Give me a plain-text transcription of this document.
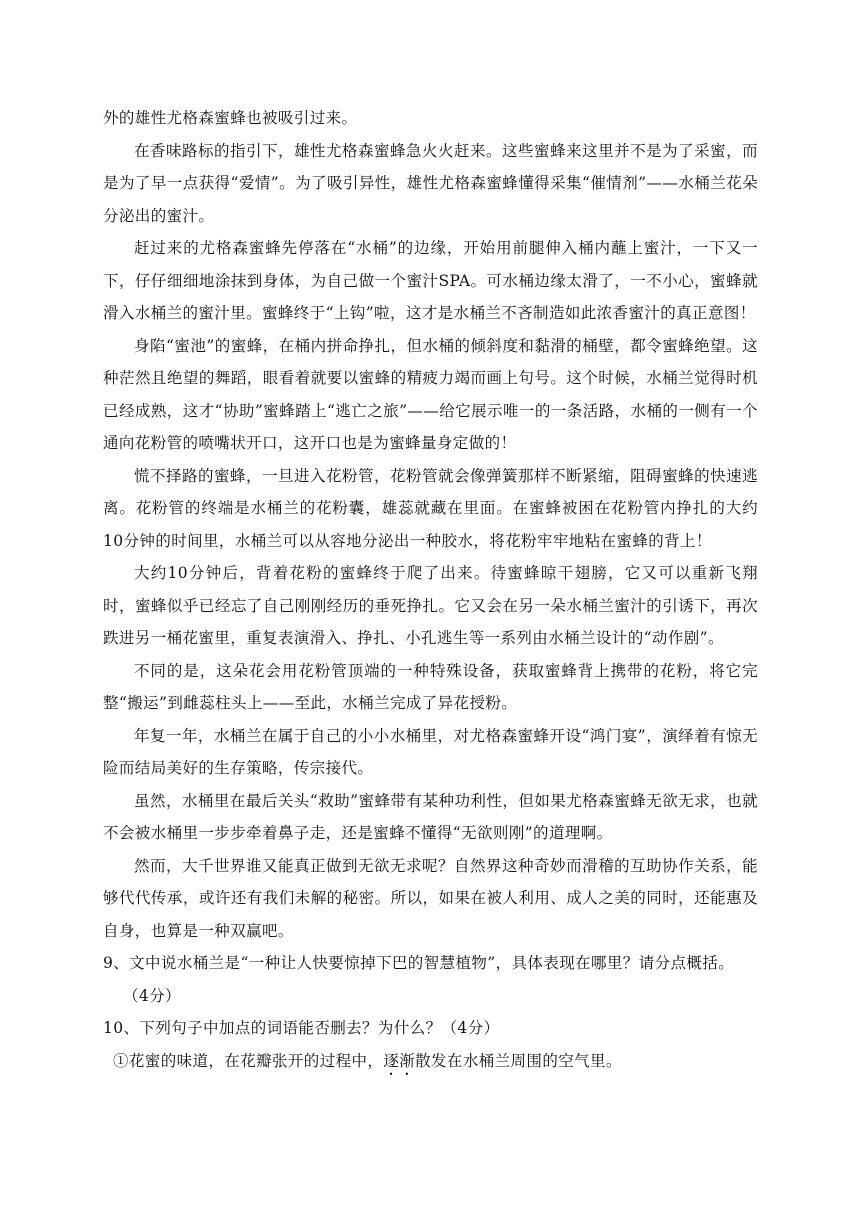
外的雄性尤格森蜜蜂也被吸引过来。

在香味路标的指引下，雄性尤格森蜜蜂急火火赶来。这些蜜蜂来这里并不是为了采蜜，而是为了早一点获得“爱情”。为了吸引异性，雄性尤格森蜜蜂懂得采集“催情剂”——水桶兰花朵分泌出的蜜汁。

赶过来的尤格森蜜蜂先停落在“水桶”的边缘，开始用前腿伸入桶内蘸上蜜汁，一下又一下，仔仔细细地涂抹到身体，为自己做一个蜜汁SPA。可水桶边缘太滑了，一不小心，蜜蜂就滑入水桶兰的蜜汁里。蜜蜂终于“上钩”啦，这才是水桶兰不吝制造如此浓香蜜汁的真正意图！

身陷“蜜池”的蜜蜂，在桶内拼命挣扎，但水桶的倾斜度和黏滑的桶壁，都令蜜蜂绝望。这种茫然且绝望的舞蹈，眼看着就要以蜜蜂的精疲力竭而画上句号。这个时候，水桶兰觉得时机已经成熟，这才“协助”蜜蜂踏上“逃亡之旅”——给它展示唯一的一条活路，水桶的一侧有一个通向花粉管的喷嘴状开口，这开口也是为蜜蜂量身定做的！

慌不择路的蜜蜂，一旦进入花粉管，花粉管就会像弹簧那样不断紧缩，阻碍蜜蜂的快速逃离。花粉管的终端是水桶兰的花粉囊，雄蕊就藏在里面。在蜜蜂被困在花粉管内挣扎的大约10分钟的时间里，水桶兰可以从容地分泌出一种胶水，将花粉牢牢地粘在蜜蜂的背上！

大约10分钟后，背着花粉的蜜蜂终于爬了出来。待蜜蜂晾干翅膀，它又可以重新飞翔时，蜜蜂似乎已经忘了自己刚刚经历的垂死挣扎。它又会在另一朵水桶兰蜜汁的引诱下，再次跌进另一桶花蜜里，重复表演滑入、挣扎、小孔逃生等一系列由水桶兰设计的“动作剧”。

不同的是，这朵花会用花粉管顶端的一种特殊设备，获取蜜蜂背上携带的花粉，将它完整“搬运”到雌蕊柱头上——至此，水桶兰完成了异花授粉。

年复一年，水桶兰在属于自己的小小水桶里，对尤格森蜜蜂开设“鸿门宴”，演绎着有惊无险而结局美好的生存策略，传宗接代。

虽然，水桶里在最后关头“救助”蜜蜂带有某种功利性，但如果尤格森蜜蜂无欲无求，也就不会被水桶里一步步牵着鼻子走，还是蜜蜂不懂得“无欲则刚”的道理啊。

然而，大千世界谁又能真正做到无欲无求呢？自然界这种奇妙而滑稽的互助协作关系，能够代代传承，或许还有我们未解的秘密。所以，如果在被人利用、成人之美的同时，还能惠及自身，也算是一种双赢吧。

9、文中说水桶兰是“一种让人快要惊掉下巴的智慧植物”，具体表现在哪里？请分点概括。

（4分）

10、下列句子中加点的词语能否删去？为什么？（4分）

①花蜜的味道，在花瓣张开的过程中，逐渐散发在水桶兰周围的空气里。
